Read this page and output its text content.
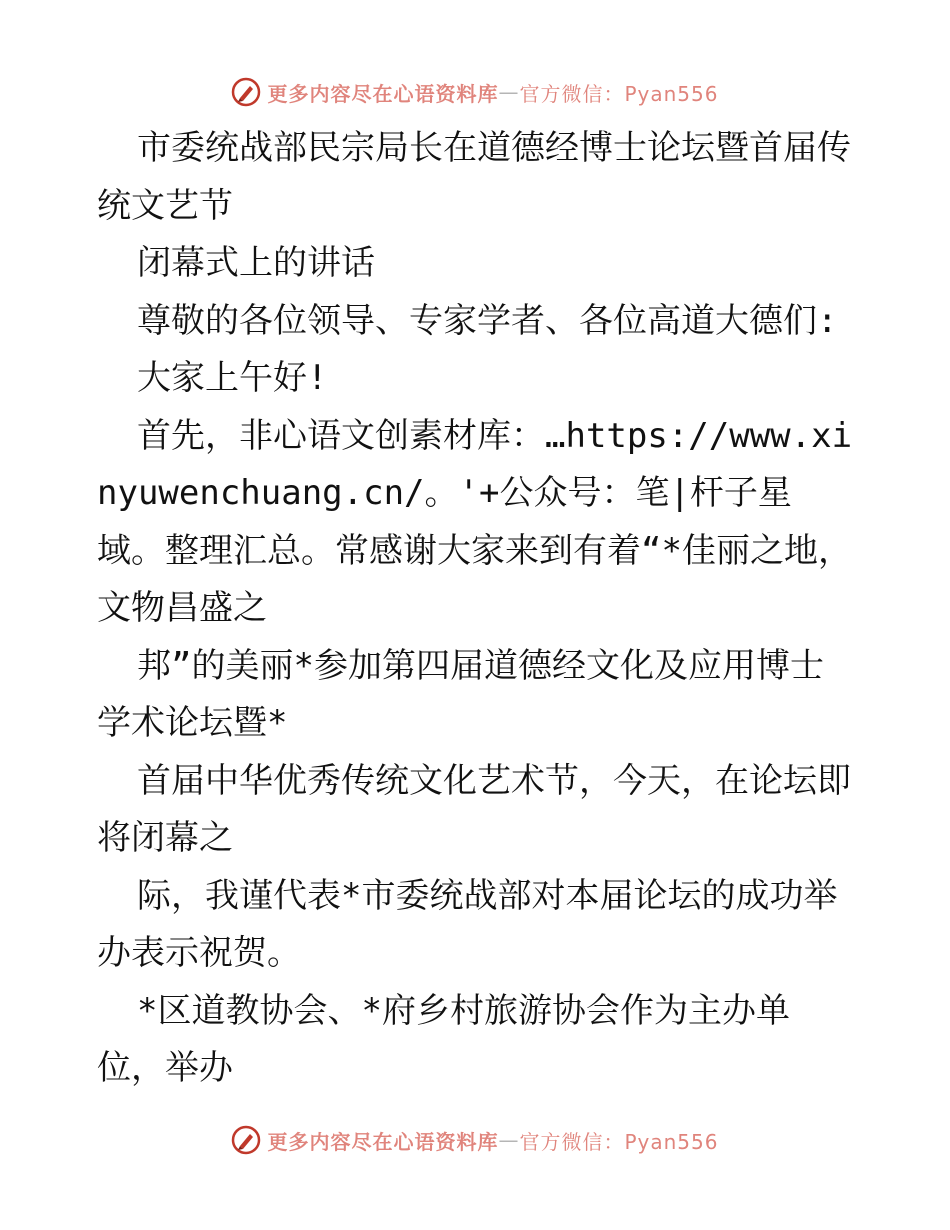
更多内容尽在心语资料库 — 官方微信：Pyan556

市委统战部民宗局长在道德经博士论坛暨首届传统文艺节

闭幕式上的讲话

尊敬的各位领导、专家学者、各位高道大德们:

大家上午好!

首先，非心语文创素材库：…https://www.xinyuwenchuang.cn/。'+公众号：笔|杆子星域。整理汇总。常感谢大家来到有着“*佳丽之地，文物昌盛之

邦”的美丽*参加第四届道德经文化及应用博士学术论坛暨*

首届中华优秀传统文化艺术节，今天，在论坛即将闭幕之

际，我谨代表*市委统战部对本届论坛的成功举办表示祝贺。

*区道教协会、*府乡村旅游协会作为主办单位，举办

更多内容尽在心语资料库 — 官方微信：Pyan556
